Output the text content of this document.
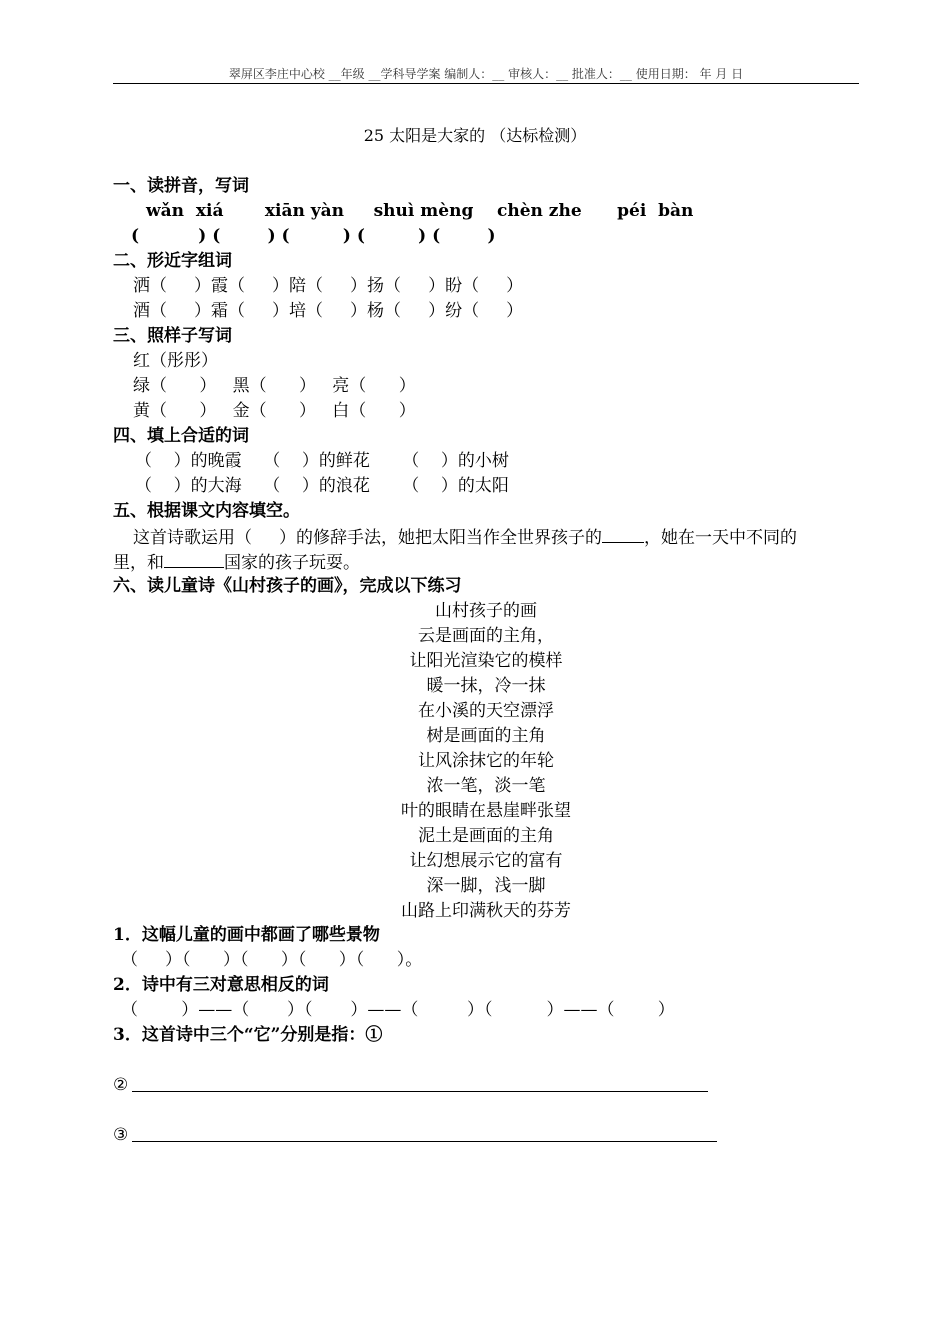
翠屏区李庄中心校 __年级 __学科导学案 编制人：__ 审核人：__ 批准人：__ 使用日期： 年 月 日
25 太阳是大家的 （达标检测）
一、读拼音，写词
wǎn  xiá       xiān yàn     shuì mèng    chèn zhe      péi  bàn
(          ) (        ) (         ) (         ) (        )
二、形近字组词
洒（     ）霞（     ）陪（     ）扬（     ）盼（     ）
酒（     ）霜（     ）培（     ）杨（     ）纷（     ）
三、照样子写词
红（彤彤）
绿（      ）   黑（      ）   亮（      ）
黄（      ）   金（      ）   白（      ）
四、填上合适的词
（    ）的晚霞    （    ）的鲜花      （    ）的小树
（    ）的大海    （    ）的浪花      （    ）的太阳
五、根据课文内容填空。
这首诗歌运用（     ）的修辞手法，她把太阳当作全世界孩子的 ，她在一天中不同的
里，和	国家的孩子玩耍。
六、读儿童诗《山村孩子的画》，完成以下练习
山村孩子的画
云是画面的主角，
让阳光渲染它的模样
暖一抹，冷一抹
在小溪的天空漂浮
树是画面的主角
让风涂抹它的年轮
浓一笔，淡一笔
叶的眼睛在悬崖畔张望
泥土是画面的主角
让幻想展示它的富有
深一脚，浅一脚
山路上印满秋天的芬芳
1．这幅儿童的画中都画了哪些景物
（     ）（      ）（      ）（      ）（      ）。
2．诗中有三对意思相反的词
（        ）——（       ）（       ）——（         ）（          ）——（        ）
3．这首诗中三个“它”分别是指：①
②
③
